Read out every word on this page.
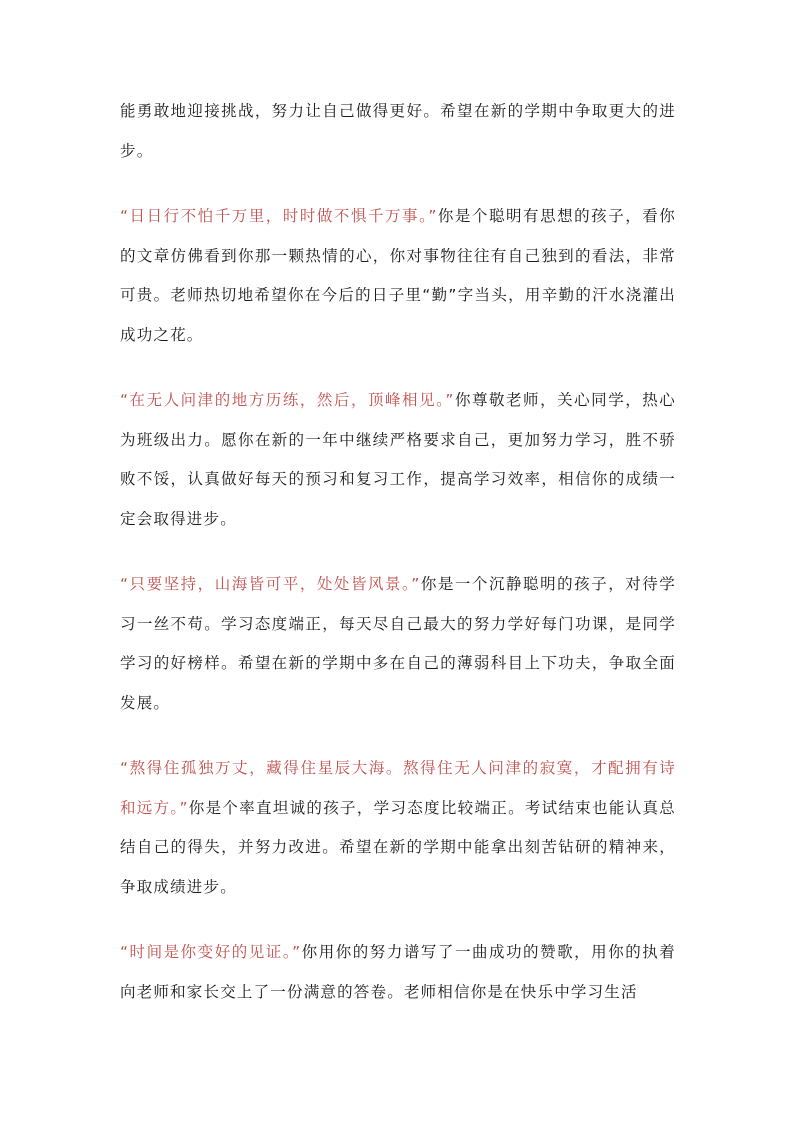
能勇敢地迎接挑战，努力让自己做得更好。希望在新的学期中争取更大的进步。

“日日行不怕千万里，时时做不惧千万事。”你是个聪明有思想的孩子，看你的文章仿佛看到你那一颗热情的心，你对事物往往有自己独到的看法，非常可贵。老师热切地希望你在今后的日子里“勤”字当头，用辛勤的汗水浇灌出成功之花。

“在无人问津的地方历练，然后，顶峰相见。”你尊敬老师，关心同学，热心为班级出力。愿你在新的一年中继续严格要求自己，更加努力学习，胜不骄败不馁，认真做好每天的预习和复习工作，提高学习效率，相信你的成绩一定会取得进步。

“只要坚持，山海皆可平，处处皆风景。”你是一个沉静聪明的孩子，对待学习一丝不苟。学习态度端正，每天尽自己最大的努力学好每门功课，是同学学习的好榜样。希望在新的学期中多在自己的薄弱科目上下功夫，争取全面发展。

“熬得住孤独万丈，藏得住星辰大海。熬得住无人问津的寂寞，才配拥有诗和远方。”你是个率直坦诚的孩子，学习态度比较端正。考试结束也能认真总结自己的得失，并努力改进。希望在新的学期中能拿出刻苦钻研的精神来，争取成绩进步。

“时间是你变好的见证。”你用你的努力谱写了一曲成功的赞歌，用你的执着向老师和家长交上了一份满意的答卷。老师相信你是在快乐中学习生活
